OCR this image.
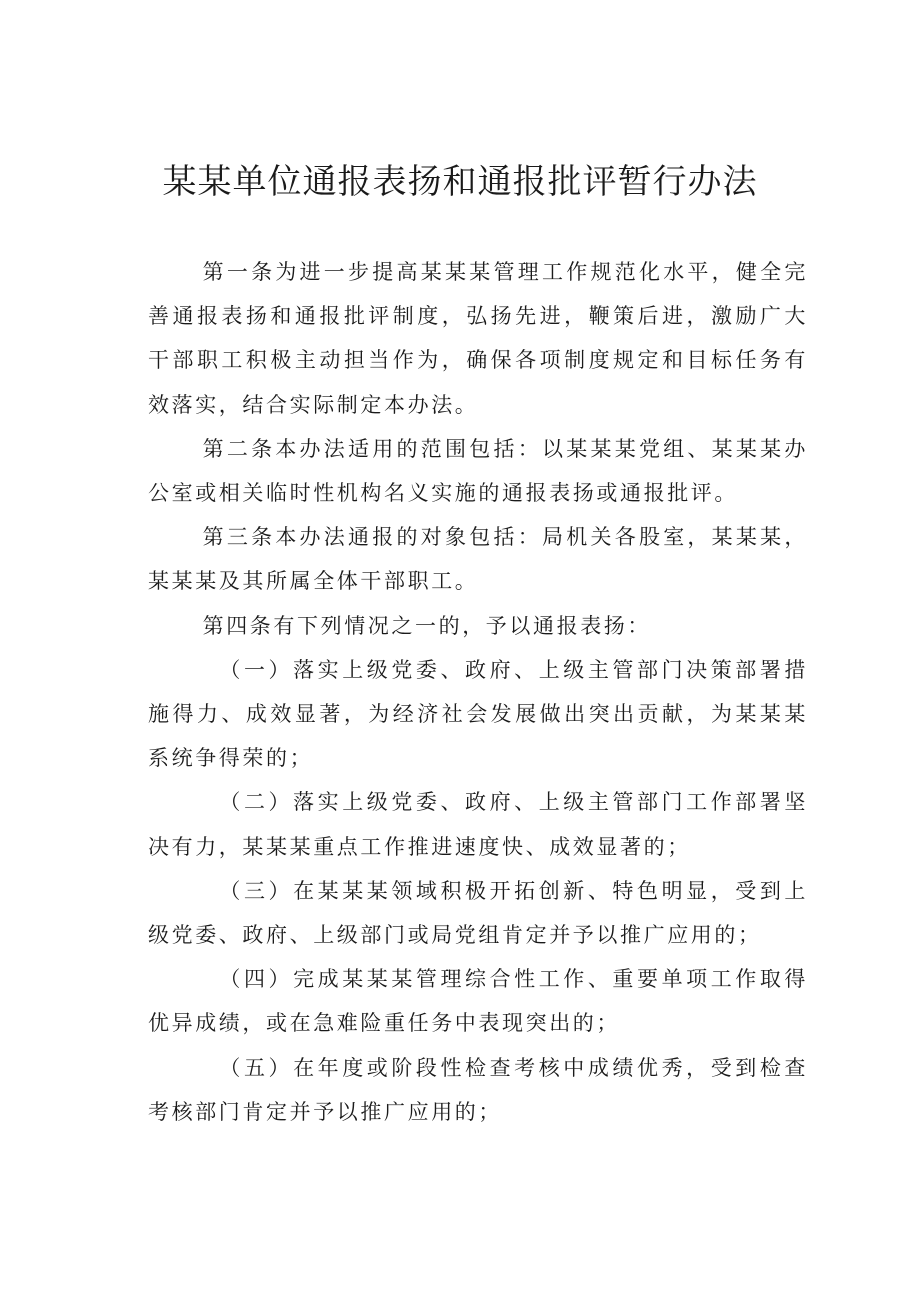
某某单位通报表扬和通报批评暂行办法

第一条为进一步提高某某某管理工作规范化水平，健全完善通报表扬和通报批评制度，弘扬先进，鞭策后进，激励广大干部职工积极主动担当作为，确保各项制度规定和目标任务有效落实，结合实际制定本办法。

第二条本办法适用的范围包括：以某某某党组、某某某办公室或相关临时性机构名义实施的通报表扬或通报批评。

第三条本办法通报的对象包括：局机关各股室，某某某，某某某及其所属全体干部职工。

第四条有下列情况之一的，予以通报表扬：

（一）落实上级党委、政府、上级主管部门决策部署措施得力、成效显著，为经济社会发展做出突出贡献，为某某某系统争得荣的；

（二）落实上级党委、政府、上级主管部门工作部署坚决有力，某某某重点工作推进速度快、成效显著的；

（三）在某某某领域积极开拓创新、特色明显，受到上级党委、政府、上级部门或局党组肯定并予以推广应用的；

（四）完成某某某管理综合性工作、重要单项工作取得优异成绩，或在急难险重任务中表现突出的；

（五）在年度或阶段性检查考核中成绩优秀，受到检查考核部门肯定并予以推广应用的；
